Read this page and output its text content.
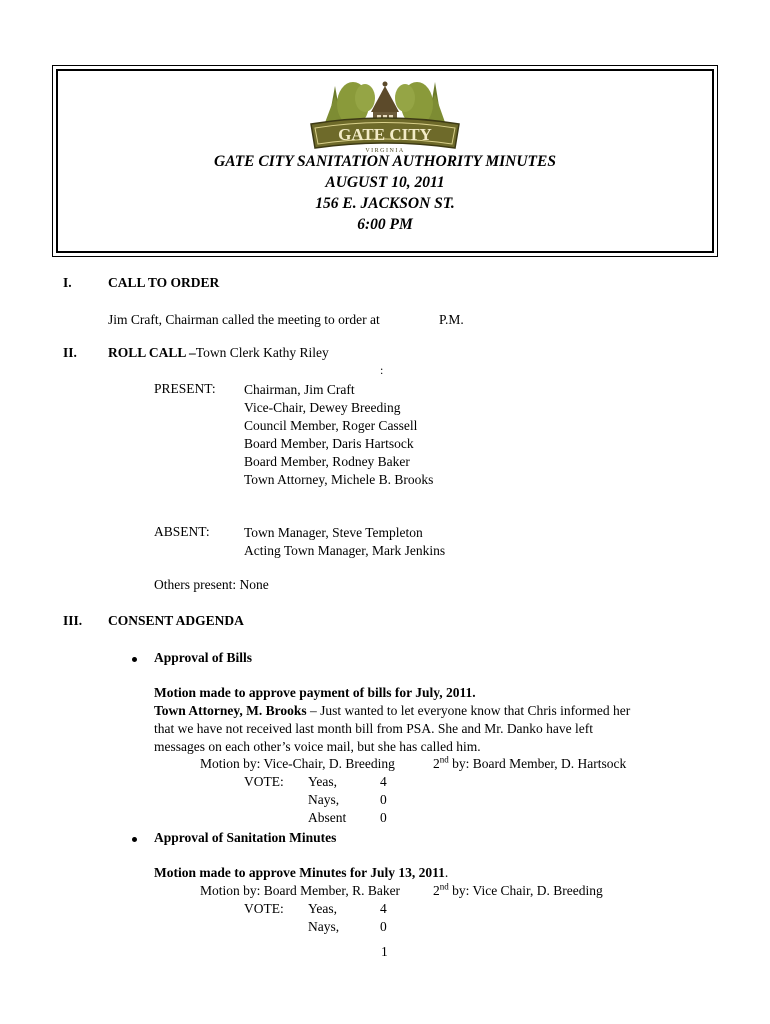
GATE CITY
VIRGINIA
GATE CITY SANITATION AUTHORITY MINUTES
AUGUST 10, 2011
156 E. JACKSON ST.
6:00 PM
I.	CALL TO ORDER
Jim Craft, Chairman called the meeting to order at	P.M.
II. ROLL CALL –Town Clerk Kathy Riley
:
PRESENT: Chairman, Jim Craft
Vice-Chair, Dewey Breeding
Council Member, Roger Cassell
Board Member, Daris Hartsock
Board Member, Rodney Baker
Town Attorney, Michele B. Brooks
ABSENT:	Town Manager, Steve Templeton
Acting Town Manager, Mark Jenkins
Others present: None
III. CONSENT ADGENDA
Approval of Bills
Motion made to approve payment of bills for July, 2011.
Town Attorney, M. Brooks – Just wanted to let everyone know that Chris informed her
that we have not received last month bill from PSA. She and Mr. Danko have left
messages on each other’s voice mail, but she has called him.
Motion by: Vice-Chair, D. Breeding	2nd by: Board Member, D. Hartsock
VOTE: Yeas,	4
Nays,	0
Absent	0
Approval of Sanitation Minutes
Motion made to approve Minutes for July 13, 2011.
Motion by: Board Member, R. Baker 2nd by: Vice Chair, D. Breeding
VOTE: Yeas,	4
Nays,	0
1
